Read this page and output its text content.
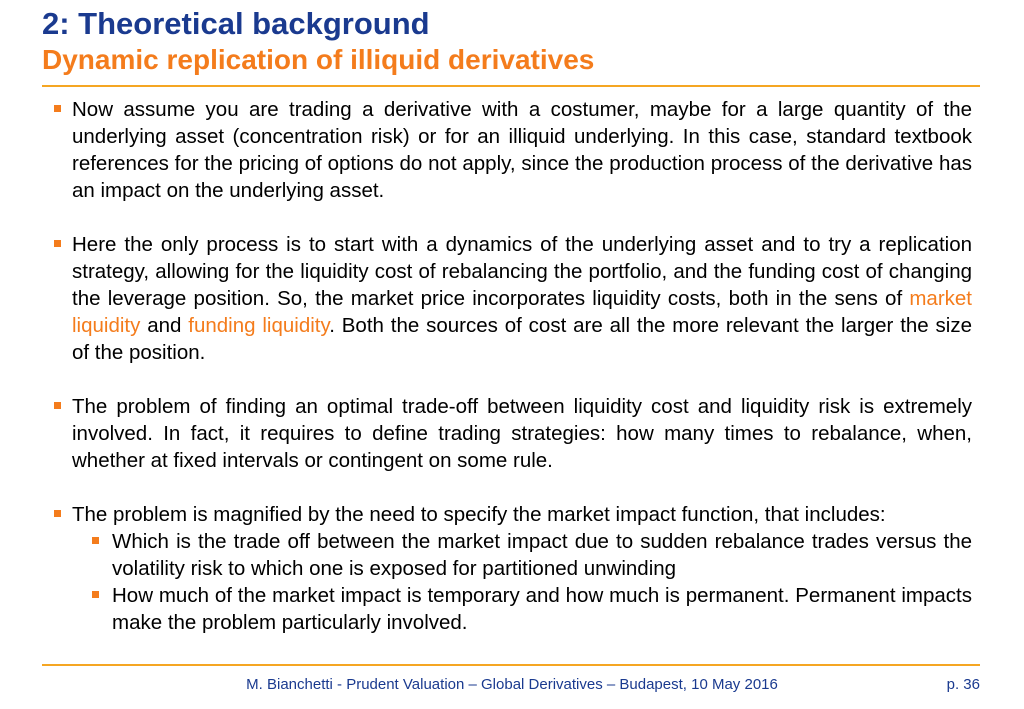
2: Theoretical background
Dynamic replication of illiquid derivatives
Now assume you are trading a derivative with a costumer, maybe for a large quantity of the underlying asset (concentration risk) or for an illiquid underlying. In this case, standard textbook references for the pricing of options do not apply, since the production process of the derivative has an impact on the underlying asset.
Here the only process is to start with a dynamics of the underlying asset and to try a replication strategy, allowing for the liquidity cost of rebalancing the portfolio, and the funding cost of changing the leverage position. So, the market price incorporates liquidity costs, both in the sens of market liquidity and funding liquidity. Both the sources of cost are all the more relevant the larger the size of the position.
The problem of finding an optimal trade-off between liquidity cost and liquidity risk is extremely involved. In fact, it requires to define trading strategies: how many times to rebalance, when, whether at fixed intervals or contingent on some rule.
The problem is magnified by the need to specify the market impact function, that includes:
Which is the trade off between the market impact due to sudden rebalance trades versus the volatility risk to which one is exposed for partitioned unwinding
How much of the market impact is temporary and how much is permanent. Permanent impacts make the problem particularly involved.
M. Bianchetti - Prudent Valuation – Global Derivatives – Budapest, 10 May 2016	p. 36
